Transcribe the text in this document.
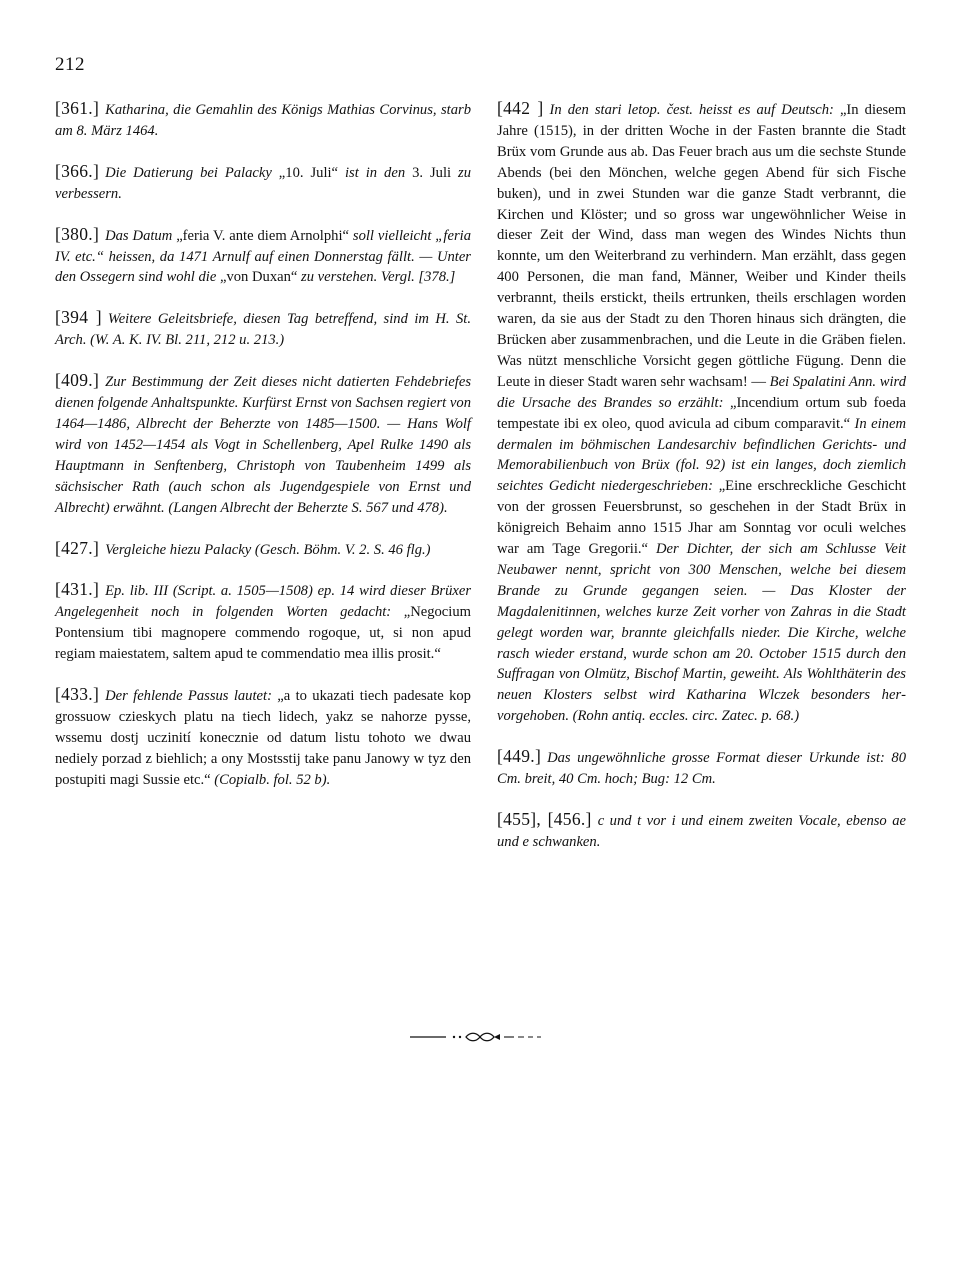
212

[361.] Katharina, die Gemahlin des Königs Mathias Corvinus, starb am 8. März 1464.

[366.] Die Datierung bei Palacky „10. Juli“ ist in den 3. Juli zu verbessern.

[380.] Das Datum „feria V. ante diem Arnolphi“ soll vielleicht „feria IV. etc.“ heissen, da 1471 Arnulf auf einen Donnerstag fällt. — Unter den Ossegern sind wohl die „von Duxan“ zu verstehen. Vergl. [378.]

[394 ] Weitere Geleitsbriefe, diesen Tag betreffend, sind im H. St. Arch. (W. A. K. IV. Bl. 211, 212 u. 213.)

[409.] Zur Bestimmung der Zeit dieses nicht datierten Fehdebriefes dienen folgende Anhaltspunkte. Kurfürst Ernst von Sachsen regiert von 1464—1486, Albrecht der Beherzte von 1485—1500. — Hans Wolf wird von 1452—1454 als Vogt in Schellenberg, Apel Rulke 1490 als Hauptmann in Senftenberg, Christoph von Taubenheim 1499 als sächsischer Rath (auch schon als Jugendgespiele von Ernst und Albrecht) erwähnt. (Langen Albrecht der Beherzte S. 567 und 478).

[427.] Vergleiche hiezu Palacky (Gesch. Böhm. V. 2. S. 46 flg.)

[431.] Ep. lib. III (Script. a. 1505—1508) ep. 14 wird dieser Brüxer Angelegenheit noch in folgenden Worten gedacht: „Negocium Pontensium tibi magnopere commendo rogoque, ut, si non apud regiam maiestatem, saltem apud te commendatio mea illis prosit.“

[433.] Der fehlende Passus lautet: „a to ukazati tiech padesate kop grossuow czieskych platu na tiech lidech, yakz se nahorze pysse, wssemu dostj uczinití konecznie od datum listu tohoto we dwau nediely porzad z biehlich; a ony Mostsstij take panu Janowy w tyz den postupiti magi Sussie etc.“ (Copialb. fol. 52 b).

[442 ] In den stari letop. čest. heisst es auf Deutsch: „In diesem Jahre (1515), in der dritten Woche in der Fasten brannte die Stadt Brüx vom Grunde aus ab. Das Feuer brach aus um die sechste Stunde Abends (bei den Mönchen, welche gegen Abend für sich Fische buken), und in zwei Stunden war die ganze Stadt verbrannt, die Kirchen und Klöster; und so gross war ungewöhnlicher Weise in dieser Zeit der Wind, dass man wegen des Windes Nichts thun konnte, um den Weiterbrand zu verhindern. Man erzählt, dass gegen 400 Personen, die man fand, Männer, Weiber und Kinder theils verbrannt, theils erstickt, theils ertrunken, theils erschlagen worden waren, da sie aus der Stadt zu den Thoren hinaus sich drängten, die Brücken aber zusammenbrachen, und die Leute in die Gräben fielen. Was nützt menschliche Vorsicht gegen göttliche Fügung. Denn die Leute in dieser Stadt waren sehr wachsam! — Bei Spalatini Ann. wird die Ursache des Brandes so erzählt: „Incendium ortum sub foeda tempestate ibi ex oleo, quod avicula ad cibum comparavit.“ In einem dermalen im böhmischen Landesarchiv befindlichen Gerichts- und Memorabilienbuch von Brüx (fol. 92) ist ein langes, doch ziemlich seichtes Gedicht niedergeschrieben: „Eine erschreckliche Geschicht von der grossen Feuersbrunst, so geschehen in der Stadt Brüx in königreich Behaim anno 1515 Jhar am Sonntag vor oculi welches war am Tage Gregorii.“ Der Dichter, der sich am Schlusse Veit Neubawer nennt, spricht von 300 Menschen, welche bei diesem Brande zu Grunde gegangen seien. — Das Kloster der Magdalenitinnen, welches kurze Zeit vorher von Zahras in die Stadt gelegt worden war, brannte gleichfalls nieder. Die Kirche, welche rasch wieder erstand, wurde schon am 20. October 1515 durch den Suffragan von Olmütz, Bischof Martin, geweiht. Als Wohlthäterin des neuen Klosters selbst wird Katharina Wlczek besonders hervorgehoben. (Rohn antiq. eccles. circ. Zatec. p. 68.)

[449.] Das ungewöhnliche grosse Format dieser Urkunde ist: 80 Cm. breit, 40 Cm. hoch; Bug: 12 Cm.

[455], [456.] c und t vor i und einem zweiten Vocale, ebenso ae und e schwanken.
